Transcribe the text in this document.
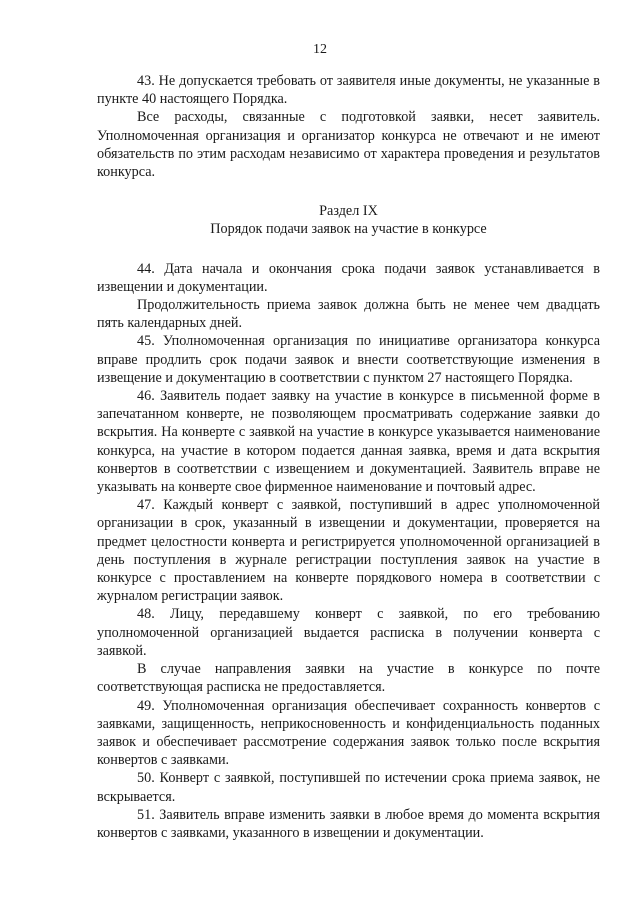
12

43. Не допускается требовать от заявителя иные документы, не указанные в пункте 40 настоящего Порядка.

Все расходы, связанные с подготовкой заявки, несет заявитель. Уполномоченная организация и организатор конкурса не отвечают и не имеют обязательств по этим расходам независимо от характера проведения и результатов конкурса.

Раздел IX
Порядок подачи заявок на участие в конкурсе

44. Дата начала и окончания срока подачи заявок устанавливается в извещении и документации.

Продолжительность приема заявок должна быть не менее чем двадцать пять календарных дней.

45. Уполномоченная организация по инициативе организатора конкурса вправе продлить срок подачи заявок и внести соответствующие изменения в извещение и документацию в соответствии с пунктом 27 настоящего Порядка.

46. Заявитель подает заявку на участие в конкурсе в письменной форме в запечатанном конверте, не позволяющем просматривать содержание заявки до вскрытия. На конверте с заявкой на участие в конкурсе указывается наименование конкурса, на участие в котором подается данная заявка, время и дата вскрытия конвертов в соответствии с извещением и документацией. Заявитель вправе не указывать на конверте свое фирменное наименование и почтовый адрес.

47. Каждый конверт с заявкой, поступивший в адрес уполномоченной организации в срок, указанный в извещении и документации, проверяется на предмет целостности конверта и регистрируется уполномоченной организацией в день поступления в журнале регистрации поступления заявок на участие в конкурсе с проставлением на конверте порядкового номера в соответствии с журналом регистрации заявок.

48. Лицу, передавшему конверт с заявкой, по его требованию уполномоченной организацией выдается расписка в получении конверта с заявкой.

В случае направления заявки на участие в конкурсе по почте соответствующая расписка не предоставляется.

49. Уполномоченная организация обеспечивает сохранность конвертов с заявками, защищенность, неприкосновенность и конфиденциальность поданных заявок и обеспечивает рассмотрение содержания заявок только после вскрытия конвертов с заявками.

50. Конверт с заявкой, поступившей по истечении срока приема заявок, не вскрывается.

51. Заявитель вправе изменить заявки в любое время до момента вскрытия конвертов с заявками, указанного в извещении и документации.
